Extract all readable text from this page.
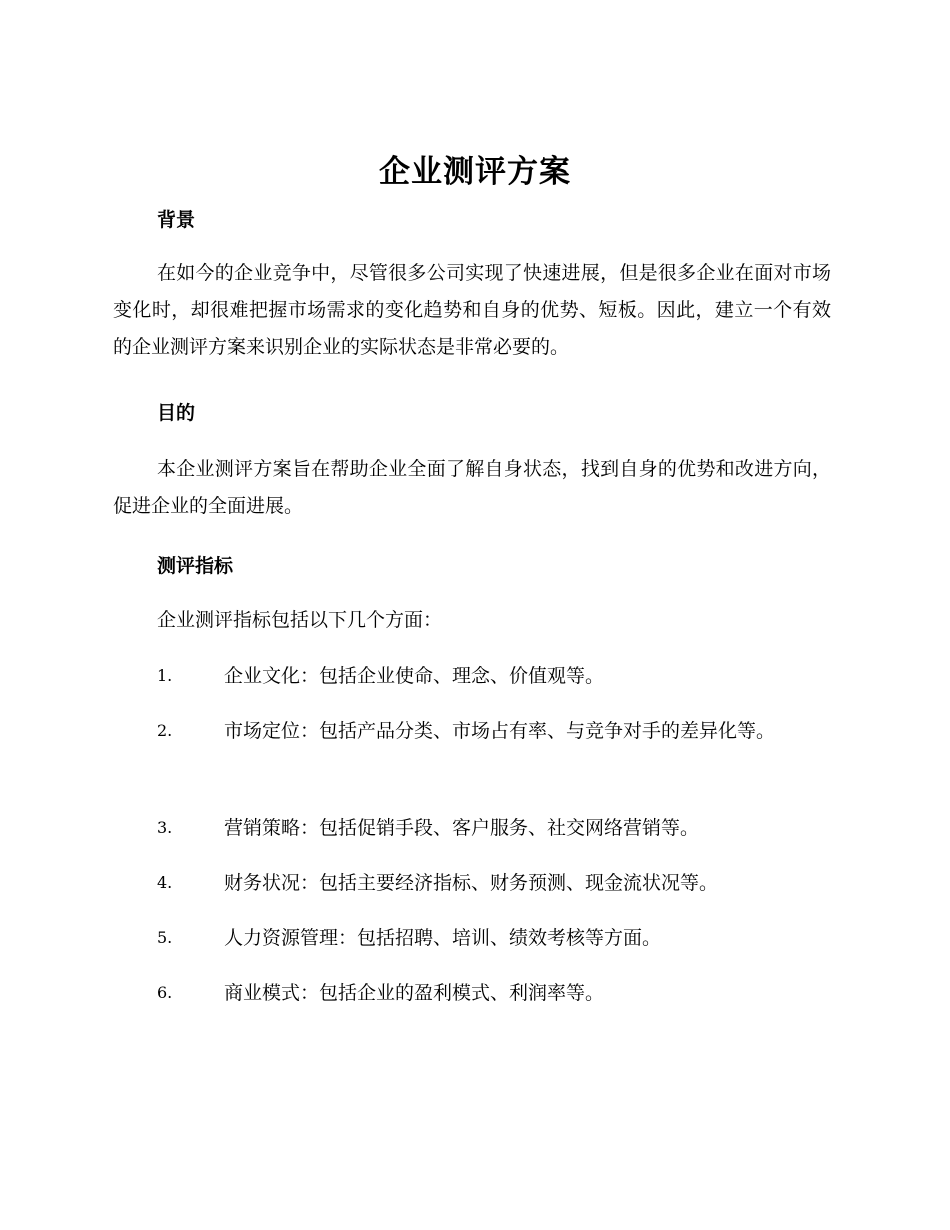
企业测评方案
背景

在如今的企业竞争中，尽管很多公司实现了快速进展，但是很多企业在面对市场变化时，却很难把握市场需求的变化趋势和自身的优势、短板。因此，建立一个有效的企业测评方案来识别企业的实际状态是非常必要的。

目的

本企业测评方案旨在帮助企业全面了解自身状态，找到自身的优势和改进方向，促进企业的全面进展。

测评指标
企业测评指标包括以下几个方面：
1.	企业文化：包括企业使命、理念、价值观等。
2.	市场定位：包括产品分类、市场占有率、与竞争对手的差异化等。
3.	营销策略：包括促销手段、客户服务、社交网络营销等。
4.	财务状况：包括主要经济指标、财务预测、现金流状况等。
5.	人力资源管理：包括招聘、培训、绩效考核等方面。
6.	商业模式：包括企业的盈利模式、利润率等。
